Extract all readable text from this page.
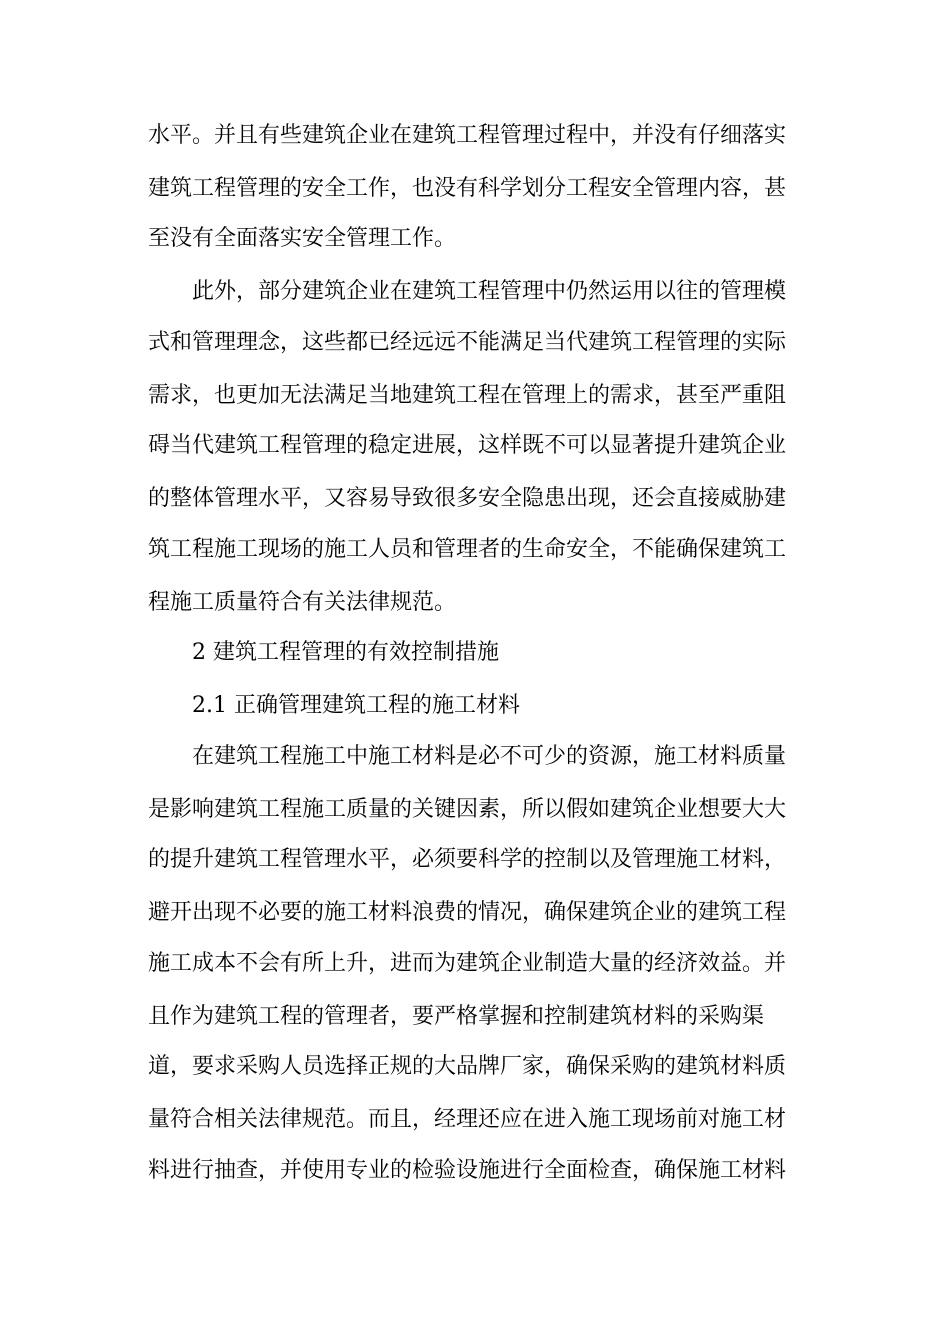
水平。并且有些建筑企业在建筑工程管理过程中，并没有仔细落实
建筑工程管理的安全工作，也没有科学划分工程安全管理内容，甚
至没有全面落实安全管理工作。
此外，部分建筑企业在建筑工程管理中仍然运用以往的管理模
式和管理理念，这些都已经远远不能满足当代建筑工程管理的实际
需求，也更加无法满足当地建筑工程在管理上的需求，甚至严重阻
碍当代建筑工程管理的稳定进展，这样既不可以显著提升建筑企业
的整体管理水平，又容易导致很多安全隐患出现，还会直接威胁建
筑工程施工现场的施工人员和管理者的生命安全，不能确保建筑工
程施工质量符合有关法律规范。
2 建筑工程管理的有效控制措施
2.1 正确管理建筑工程的施工材料
在建筑工程施工中施工材料是必不可少的资源，施工材料质量
是影响建筑工程施工质量的关键因素，所以假如建筑企业想要大大
的提升建筑工程管理水平，必须要科学的控制以及管理施工材料，
避开出现不必要的施工材料浪费的情况，确保建筑企业的建筑工程
施工成本不会有所上升，进而为建筑企业制造大量的经济效益。并
且作为建筑工程的管理者，要严格掌握和控制建筑材料的采购渠
道，要求采购人员选择正规的大品牌厂家，确保采购的建筑材料质
量符合相关法律规范。而且，经理还应在进入施工现场前对施工材
料进行抽查，并使用专业的检验设施进行全面检查，确保施工材料
